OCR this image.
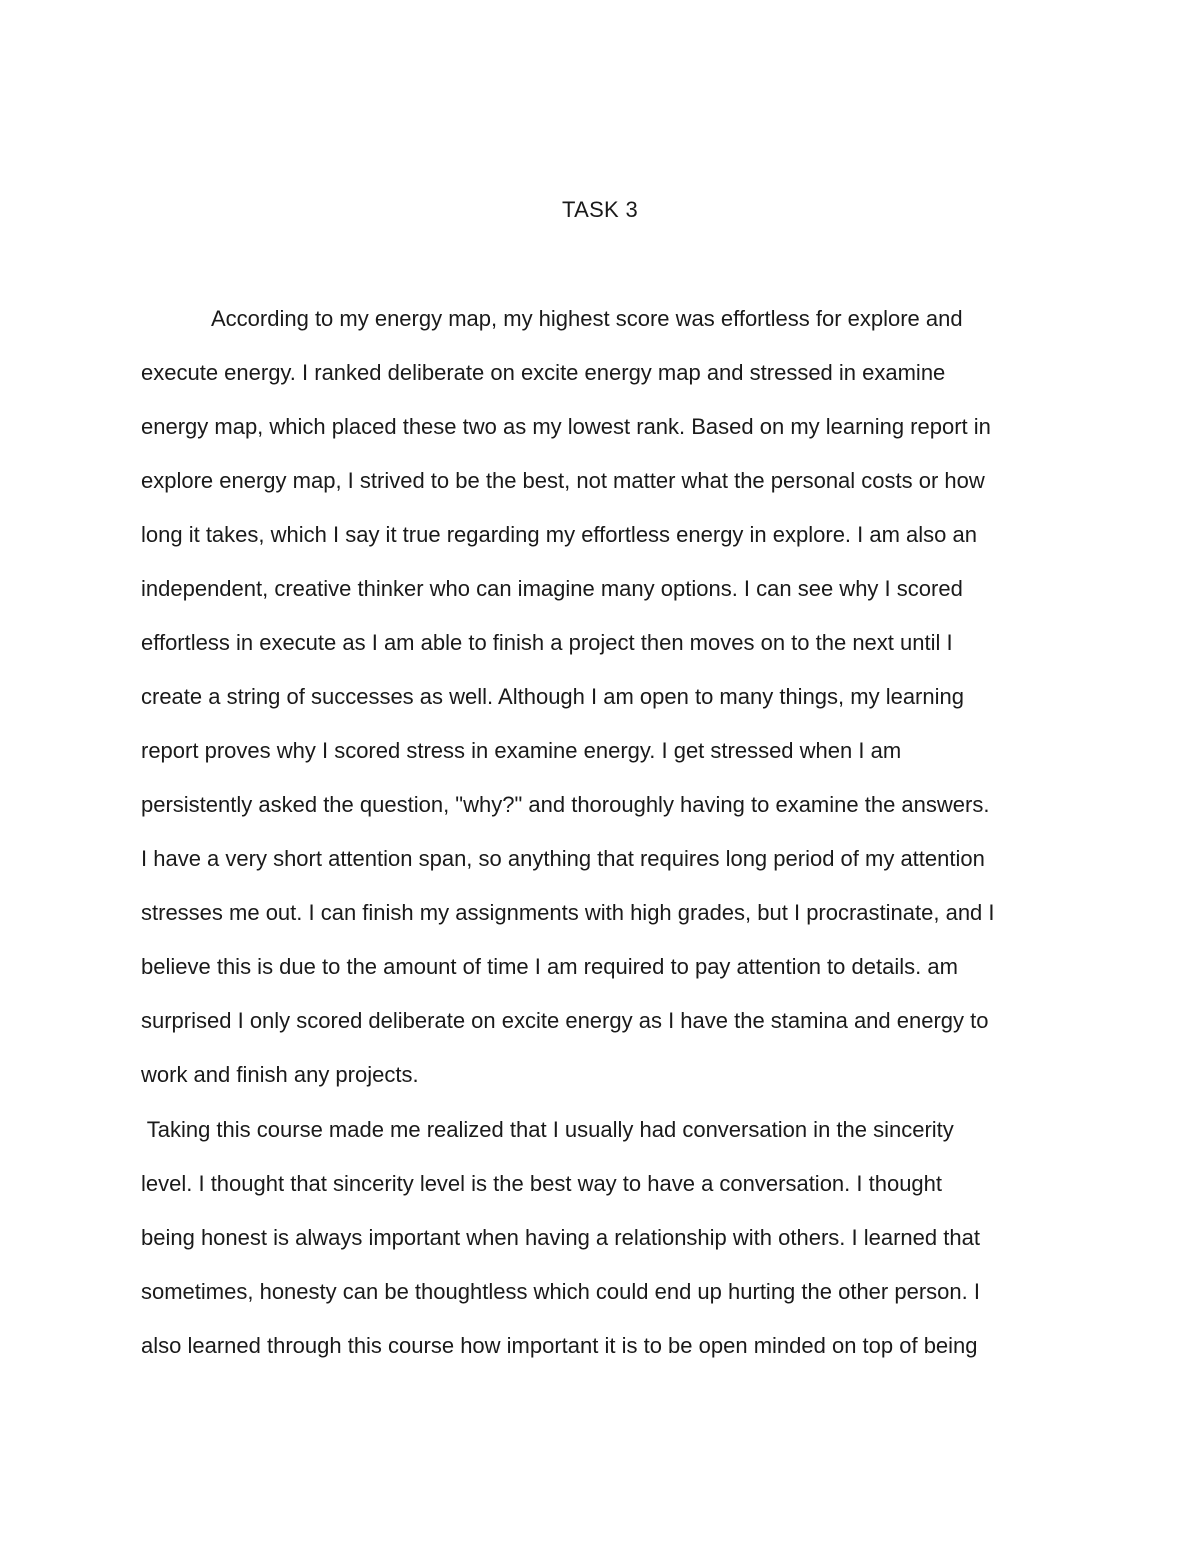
TASK 3
According to my energy map, my highest score was effortless for explore and
execute energy. I ranked deliberate on excite energy map and stressed in examine
energy map, which placed these two as my lowest rank. Based on my learning report in
explore energy map, I strived to be the best, not matter what the personal costs or how
long it takes, which I say it true regarding my effortless energy in explore. I am also an
independent, creative thinker who can imagine many options. I can see why I scored
effortless in execute as I am able to finish a project then moves on to the next until I
create a string of successes as well. Although I am open to many things, my learning
report proves why I scored stress in examine energy. I get stressed when I am
persistently asked the question, "why?" and thoroughly having to examine the answers.
I have a very short attention span, so anything that requires long period of my attention
stresses me out. I can finish my assignments with high grades, but I procrastinate, and I
believe this is due to the amount of time I am required to pay attention to details. am
surprised I only scored deliberate on excite energy as I have the stamina and energy to
work and finish any projects.
Taking this course made me realized that I usually had conversation in the sincerity
level. I thought that sincerity level is the best way to have a conversation. I thought
being honest is always important when having a relationship with others. I learned that
sometimes, honesty can be thoughtless which could end up hurting the other person. I
also learned through this course how important it is to be open minded on top of being
